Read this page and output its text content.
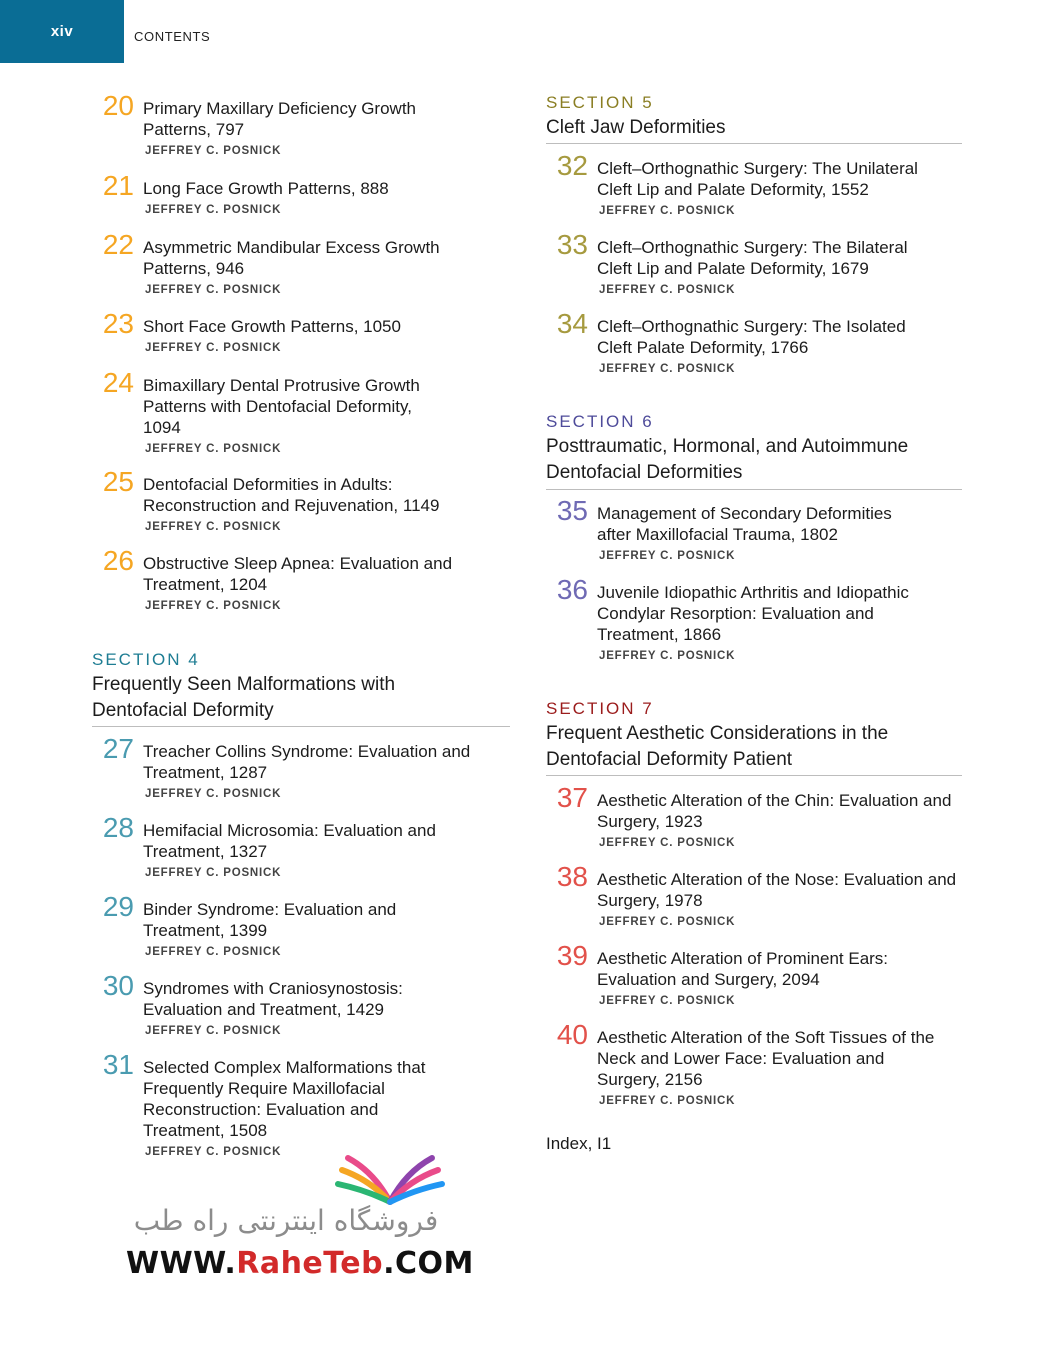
xiv	CONTENTS
20 Primary Maxillary Deficiency Growth Patterns, 797
JEFFREY C. POSNICK
21 Long Face Growth Patterns, 888
JEFFREY C. POSNICK
22 Asymmetric Mandibular Excess Growth Patterns, 946
JEFFREY C. POSNICK
23 Short Face Growth Patterns, 1050
JEFFREY C. POSNICK
24 Bimaxillary Dental Protrusive Growth Patterns with Dentofacial Deformity, 1094
JEFFREY C. POSNICK
25 Dentofacial Deformities in Adults: Reconstruction and Rejuvenation, 1149
JEFFREY C. POSNICK
26 Obstructive Sleep Apnea: Evaluation and Treatment, 1204
JEFFREY C. POSNICK
SECTION 4
Frequently Seen Malformations with Dentofacial Deformity
27 Treacher Collins Syndrome: Evaluation and Treatment, 1287
JEFFREY C. POSNICK
28 Hemifacial Microsomia: Evaluation and Treatment, 1327
JEFFREY C. POSNICK
29 Binder Syndrome: Evaluation and Treatment, 1399
JEFFREY C. POSNICK
30 Syndromes with Craniosynostosis: Evaluation and Treatment, 1429
JEFFREY C. POSNICK
31 Selected Complex Malformations that Frequently Require Maxillofacial Reconstruction: Evaluation and Treatment, 1508
JEFFREY C. POSNICK
SECTION 5
Cleft Jaw Deformities
32 Cleft–Orthognathic Surgery: The Unilateral Cleft Lip and Palate Deformity, 1552
JEFFREY C. POSNICK
33 Cleft–Orthognathic Surgery: The Bilateral Cleft Lip and Palate Deformity, 1679
JEFFREY C. POSNICK
34 Cleft–Orthognathic Surgery: The Isolated Cleft Palate Deformity, 1766
JEFFREY C. POSNICK
SECTION 6
Posttraumatic, Hormonal, and Autoimmune Dentofacial Deformities
35 Management of Secondary Deformities after Maxillofacial Trauma, 1802
JEFFREY C. POSNICK
36 Juvenile Idiopathic Arthritis and Idiopathic Condylar Resorption: Evaluation and Treatment, 1866
JEFFREY C. POSNICK
SECTION 7
Frequent Aesthetic Considerations in the Dentofacial Deformity Patient
37 Aesthetic Alteration of the Chin: Evaluation and Surgery, 1923
JEFFREY C. POSNICK
38 Aesthetic Alteration of the Nose: Evaluation and Surgery, 1978
JEFFREY C. POSNICK
39 Aesthetic Alteration of Prominent Ears: Evaluation and Surgery, 2094
JEFFREY C. POSNICK
40 Aesthetic Alteration of the Soft Tissues of the Neck and Lower Face: Evaluation and Surgery, 2156
JEFFREY C. POSNICK
Index, I1
فروشگاه اینترنتی راه طب
WWW.RaheTeb.COM
